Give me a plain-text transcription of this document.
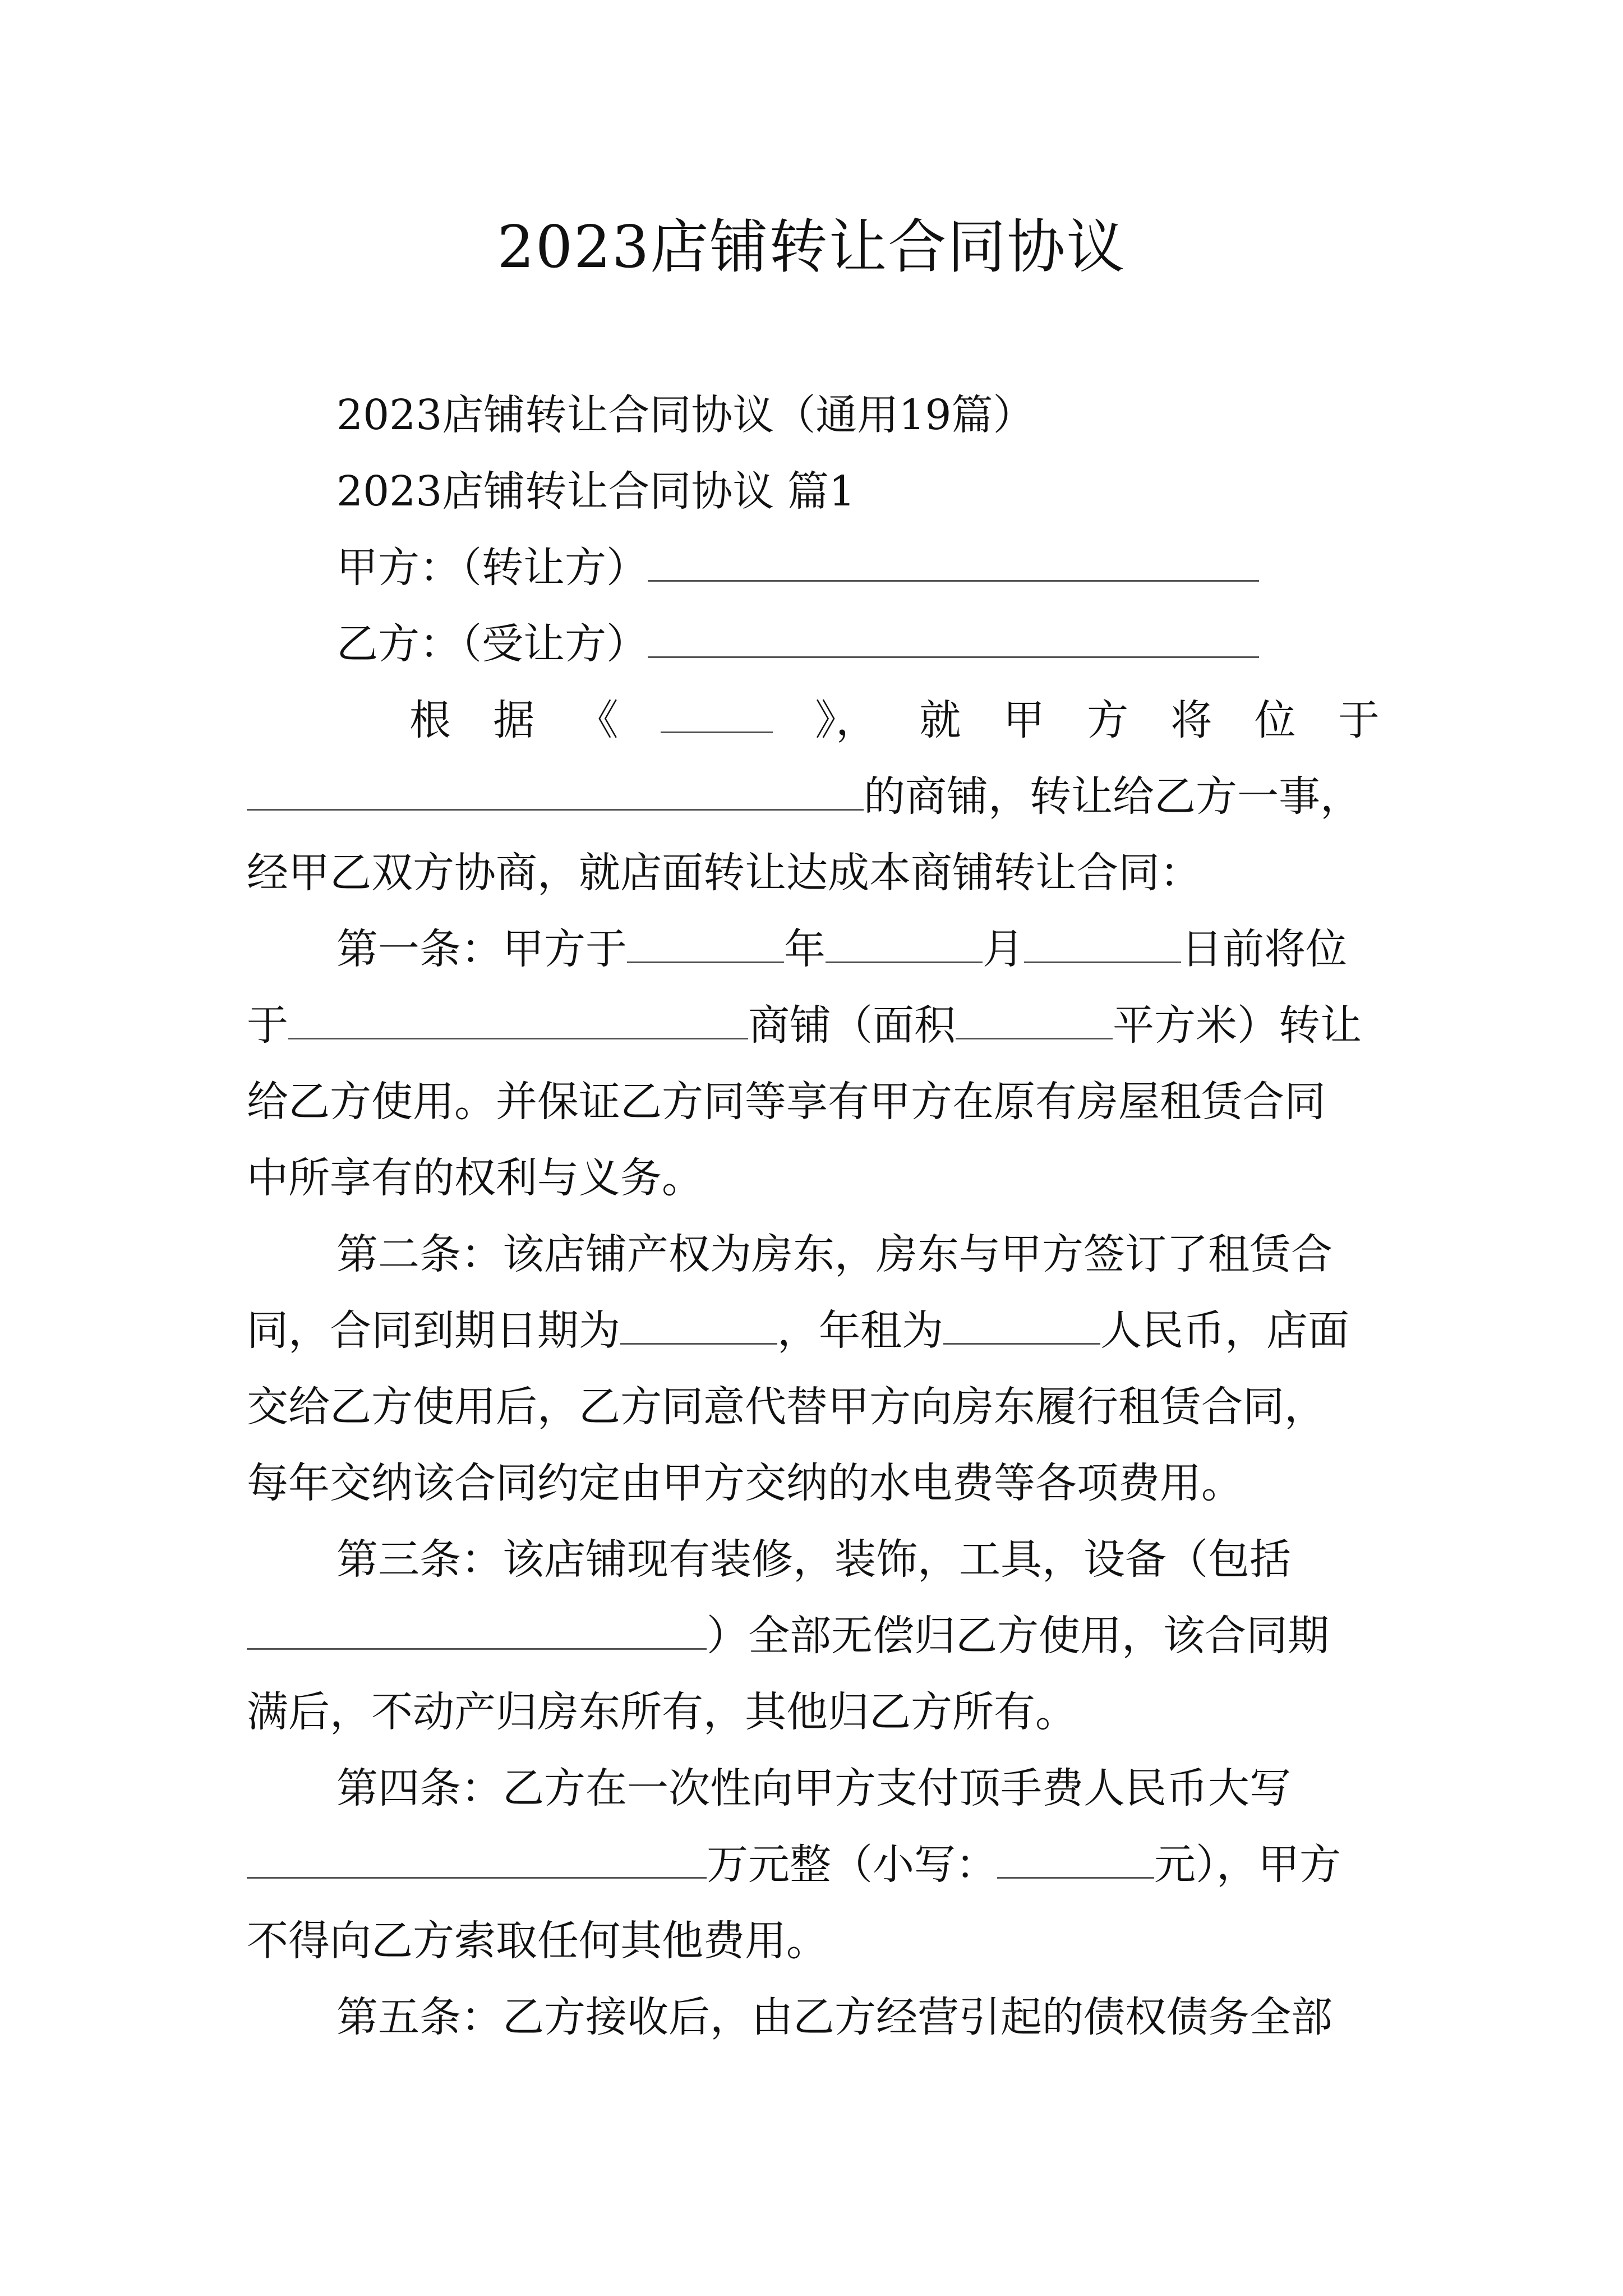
2023店铺转让合同协议
2023店铺转让合同协议（通用19篇）
2023店铺转让合同协议 篇1
甲方：（转让方）
乙方：（受让方）
根 据 《	》， 就 甲 方 将 位 于
的商铺，转让给乙方一事，
经甲乙双方协商，就店面转让达成本商铺转让合同：
第一条：甲方于	年	月	日前将位
于	商铺（面积	平方米）转让
给乙方使用。并保证乙方同等享有甲方在原有房屋租赁合同
中所享有的权利与义务。
第二条：该店铺产权为房东，房东与甲方签订了租赁合
同，合同到期日期为	，年租为	人民币，店面
交给乙方使用后，乙方同意代替甲方向房东履行租赁合同，
每年交纳该合同约定由甲方交纳的水电费等各项费用。
第三条：该店铺现有装修，装饰，工具，设备（包括
）全部无偿归乙方使用，该合同期
满后，不动产归房东所有，其他归乙方所有。
第四条：乙方在一次性向甲方支付顶手费人民币大写
万元整（小写：	元），甲方
不得向乙方索取任何其他费用。
第五条：乙方接收后，由乙方经营引起的债权债务全部
